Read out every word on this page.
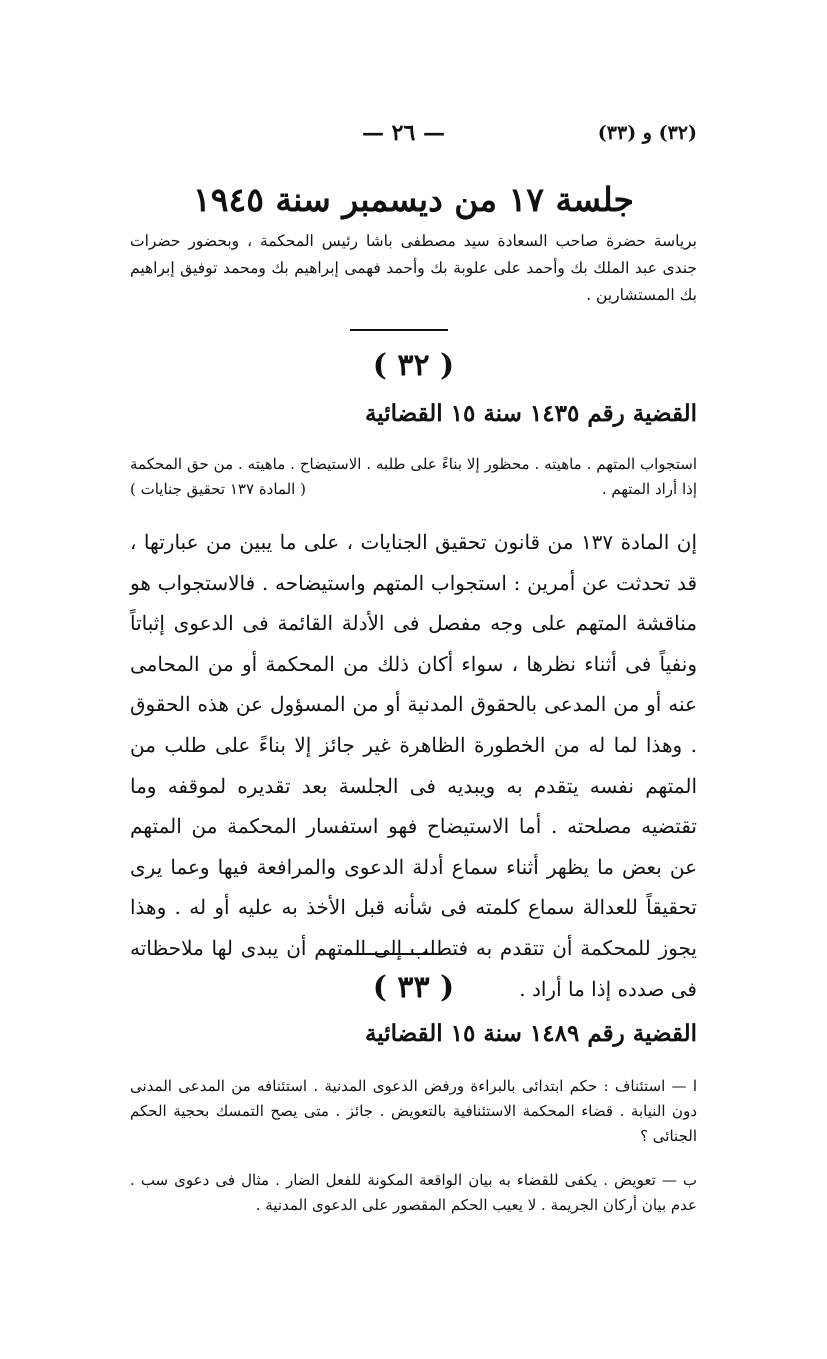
(٣٢) و (٣٣)
— ٢٦ —
جلسة ١٧ من ديسمبر سنة ١٩٤٥
برياسة حضرة صاحب السعادة سيد مصطفى باشا رئيس المحكمة ، وبحضور حضرات جندى عبد الملك بك وأحمد على علوبة بك وأحمد فهمى إبراهيم بك ومحمد توفيق إبراهيم بك المستشارين .
( ٣٢ )
القضية رقم ١٤٣٥ سنة ١٥ القضائية
استجواب المتهم . ماهيته . محظور إلا بناءً على طلبه . الاستيضاح . ماهيته . من حق المحكمة إذا أراد المتهم .
( المادة ١٣٧ تحقيق جنايات )
إن المادة ١٣٧ من قانون تحقيق الجنايات ، على ما يبين من عبارتها ، قد تحدثت عن أمرين : استجواب المتهم واستيضاحه . فالاستجواب هو مناقشة المتهم على وجه مفصل فى الأدلة القائمة فى الدعوى إثباتاً ونفياً فى أثناء نظرها ، سواء أكان ذلك من المحكمة أو من المحامى عنه أو من المدعى بالحقوق المدنية أو من المسؤول عن هذه الحقوق . وهذا لما له من الخطورة الظاهرة غير جائز إلا بناءً على طلب من المتهم نفسه يتقدم به ويبديه فى الجلسة بعد تقديره لموقفه وما تقتضيه مصلحته . أما الاستيضاح فهو استفسار المحكمة من المتهم عن بعض ما يظهر أثناء سماع أدلة الدعوى والمرافعة فيها وعما يرى تحقيقاً للعدالة سماع كلمته فى شأنه قبل الأخذ به عليه أو له . وهذا يجوز للمحكمة أن تتقدم به فتطلب إلى المتهم أن يبدى لها ملاحظاته فى صدده إذا ما أراد .
( ٣٣ )
القضية رقم ١٤٨٩ سنة ١٥ القضائية
ا — استئناف : حكم ابتدائى بالبراءة ورفض الدعوى المدنية . استئنافه من المدعى المدنى دون النيابة . قضاء المحكمة الاستئنافية بالتعويض . جائز . متى يصح التمسك بحجية الحكم الجنائى ؟
ب — تعويض . يكفى للقضاء به بيان الواقعة المكونة للفعل الضار . مثال فى دعوى سب . عدم بيان أركان الجريمة . لا يعيب الحكم المقصور على الدعوى المدنية .
